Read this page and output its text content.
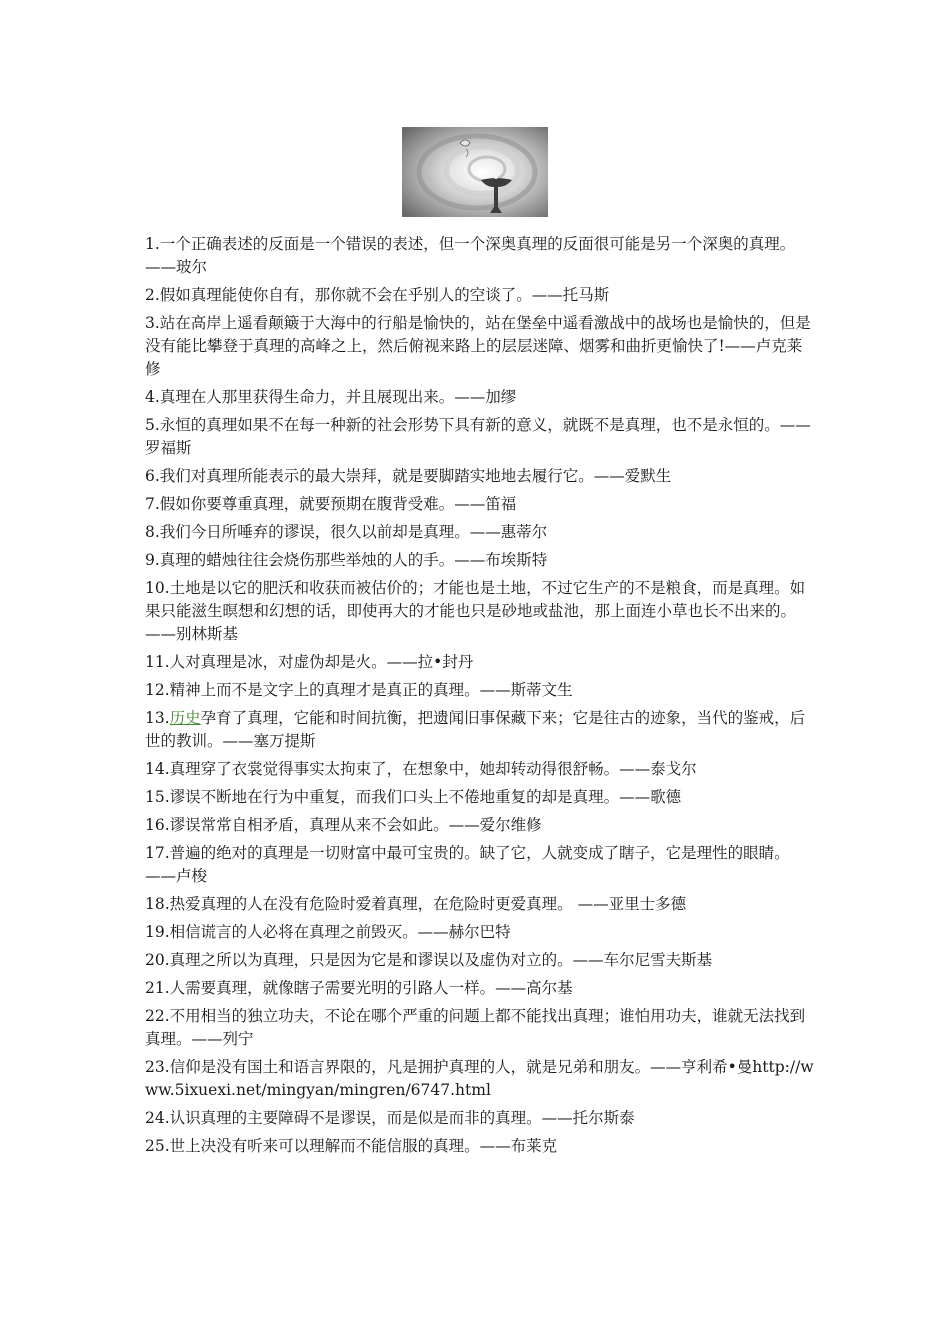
1.一个正确表述的反面是一个错误的表述，但一个深奥真理的反面很可能是另一个深奥的真理。——玻尔

2.假如真理能使你自有，那你就不会在乎别人的空谈了。——托马斯

3.站在高岸上遥看颠簸于大海中的行船是愉快的，站在堡垒中遥看激战中的战场也是愉快的，但是没有能比攀登于真理的高峰之上，然后俯视来路上的层层迷障、烟雾和曲折更愉快了!——卢克莱修

4.真理在人那里获得生命力，并且展现出来。——加缪

5.永恒的真理如果不在每一种新的社会形势下具有新的意义，就既不是真理，也不是永恒的。——罗福斯

6.我们对真理所能表示的最大崇拜，就是要脚踏实地地去履行它。——爱默生

7.假如你要尊重真理，就要预期在腹背受难。——笛福

8.我们今日所唾弃的谬误，很久以前却是真理。——惠蒂尔

9.真理的蜡烛往往会烧伤那些举烛的人的手。——布埃斯特

10.土地是以它的肥沃和收获而被估价的；才能也是土地，不过它生产的不是粮食，而是真理。如果只能滋生暝想和幻想的话，即使再大的才能也只是砂地或盐池，那上面连小草也长不出来的。——别林斯基

11.人对真理是冰，对虚伪却是火。——拉•封丹

12.精神上而不是文字上的真理才是真正的真理。——斯蒂文生

13.历史孕育了真理，它能和时间抗衡，把遗闻旧事保藏下来；它是往古的迹象，当代的鉴戒，后世的教训。——塞万提斯

14.真理穿了衣裳觉得事实太拘束了，在想象中，她却转动得很舒畅。——泰戈尔

15.谬误不断地在行为中重复，而我们口头上不倦地重复的却是真理。——歌德

16.谬误常常自相矛盾，真理从来不会如此。——爱尔维修

17.普遍的绝对的真理是一切财富中最可宝贵的。缺了它，人就变成了瞎子，它是理性的眼睛。——卢梭

18.热爱真理的人在没有危险时爱着真理，在危险时更爱真理。 ——亚里士多德

19.相信谎言的人必将在真理之前毁灭。——赫尔巴特

20.真理之所以为真理，只是因为它是和谬误以及虚伪对立的。——车尔尼雪夫斯基

21.人需要真理，就像瞎子需要光明的引路人一样。——高尔基

22.不用相当的独立功夫，不论在哪个严重的问题上都不能找出真理；谁怕用功夫，谁就无法找到真理。——列宁

23.信仰是没有国土和语言界限的，凡是拥护真理的人，就是兄弟和朋友。——亨利希•曼http://www.5ixuexi.net/mingyan/mingren/6747.html

24.认识真理的主要障碍不是谬误，而是似是而非的真理。——托尔斯泰

25.世上决没有听来可以理解而不能信服的真理。——布莱克
